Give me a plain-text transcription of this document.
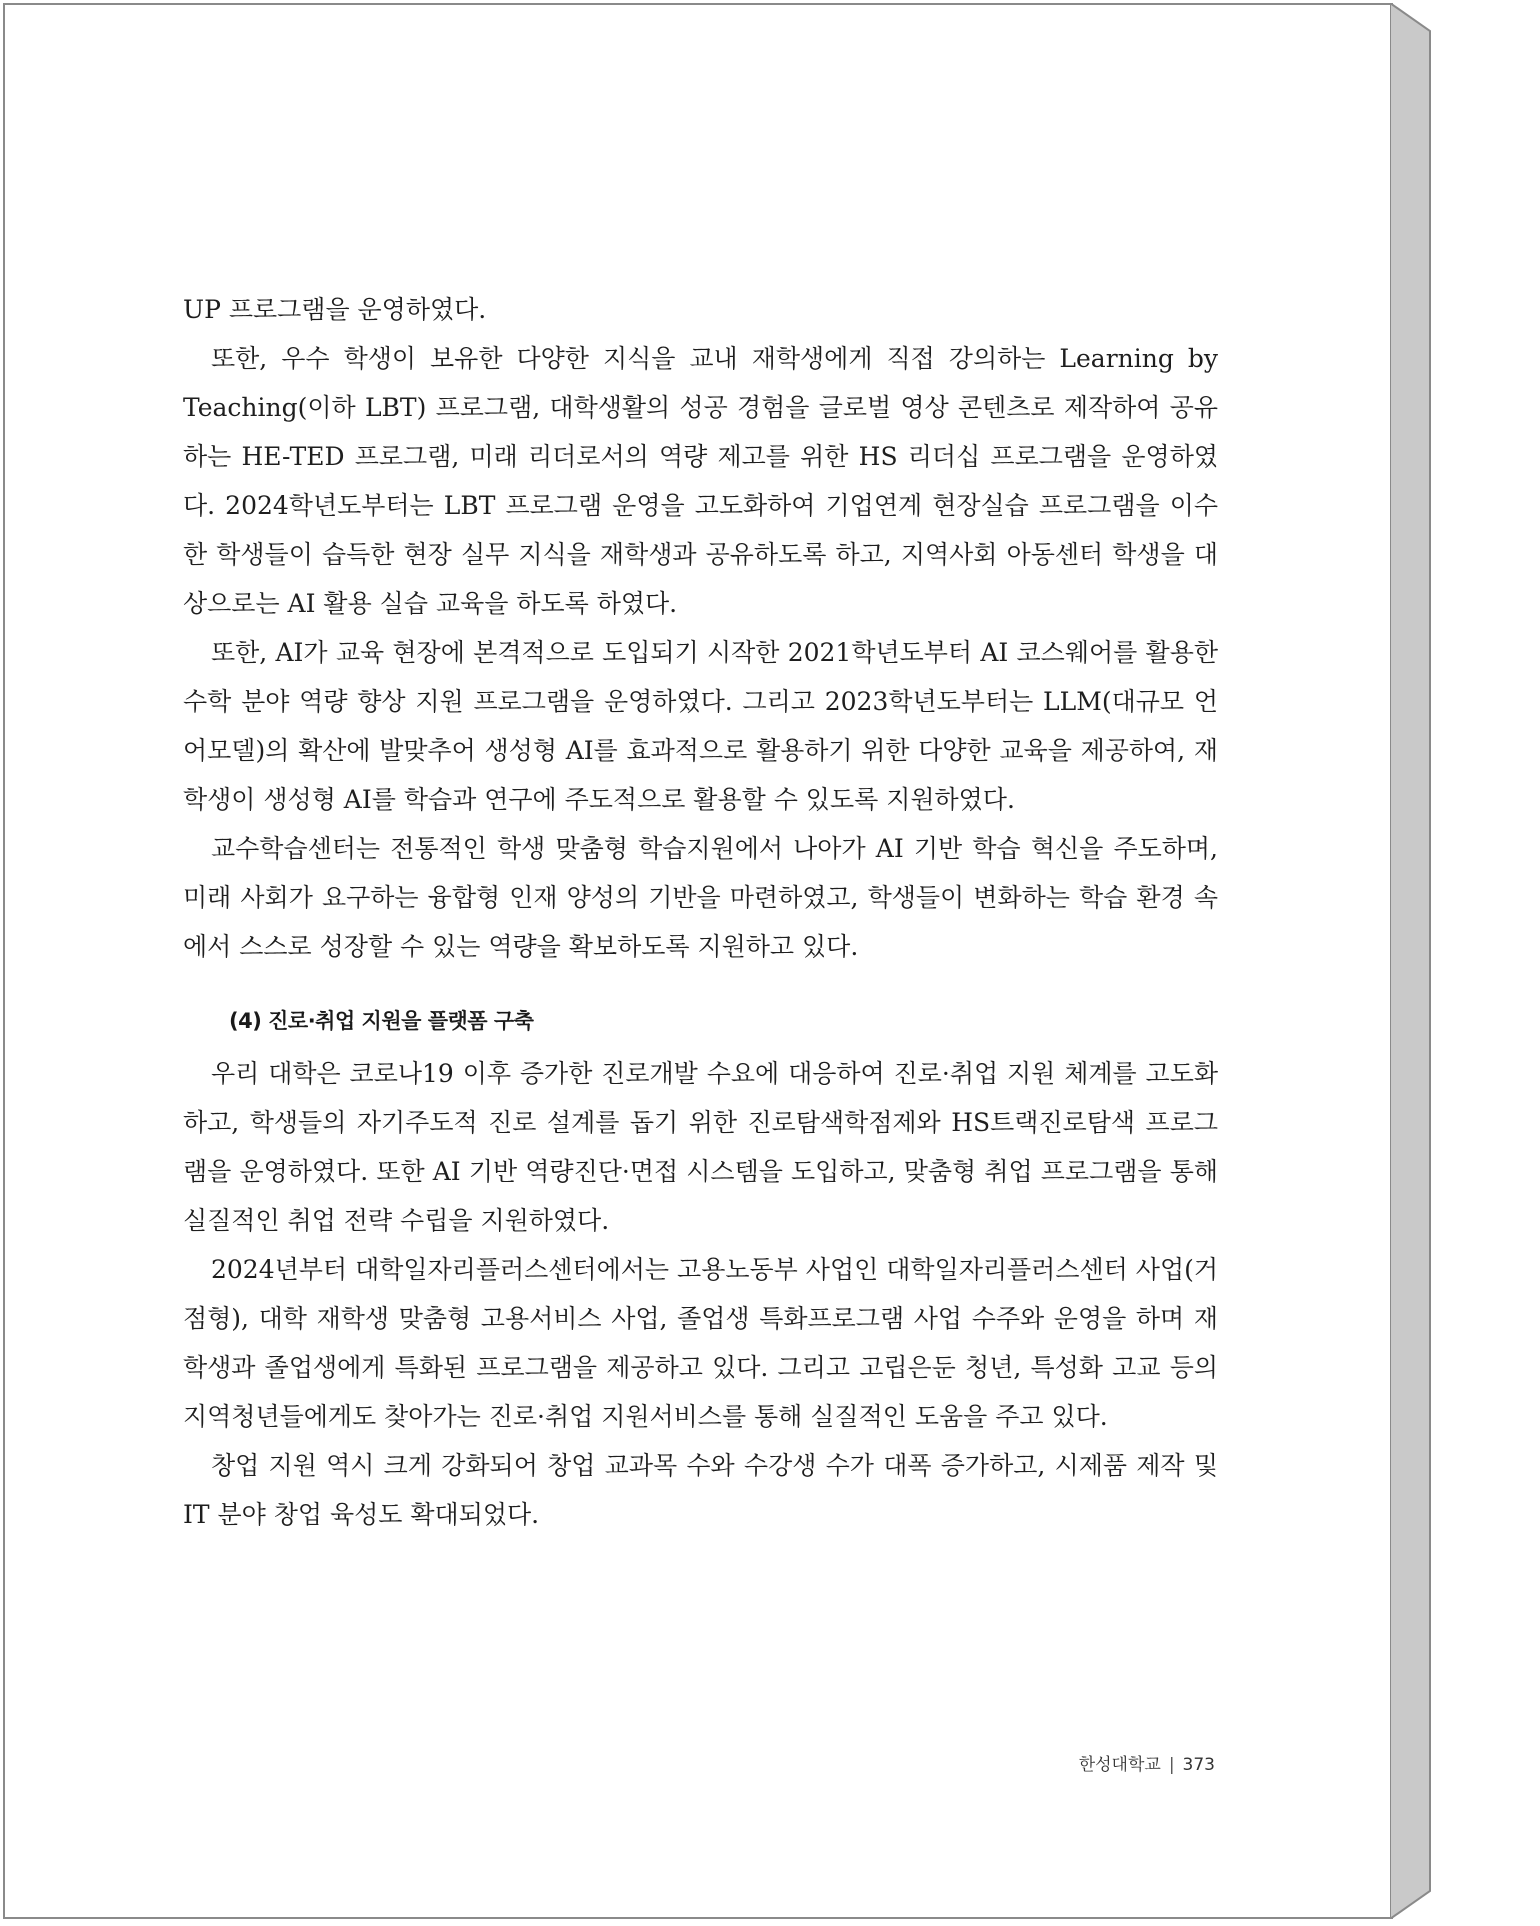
UP 프로그램을 운영하였다.

또한, 우수 학생이 보유한 다양한 지식을 교내 재학생에게 직접 강의하는 Learning by Teaching(이하 LBT) 프로그램, 대학생활의 성공 경험을 글로벌 영상 콘텐츠로 제작하여 공유하는 HE-TED 프로그램, 미래 리더로서의 역량 제고를 위한 HS 리더십 프로그램을 운영하였다. 2024학년도부터는 LBT 프로그램 운영을 고도화하여 기업연계 현장실습 프로그램을 이수한 학생들이 습득한 현장 실무 지식을 재학생과 공유하도록 하고, 지역사회 아동센터 학생을 대상으로는 AI 활용 실습 교육을 하도록 하였다.

또한, AI가 교육 현장에 본격적으로 도입되기 시작한 2021학년도부터 AI 코스웨어를 활용한 수학 분야 역량 향상 지원 프로그램을 운영하였다. 그리고 2023학년도부터는 LLM(대규모 언어모델)의 확산에 발맞추어 생성형 AI를 효과적으로 활용하기 위한 다양한 교육을 제공하여, 재학생이 생성형 AI를 학습과 연구에 주도적으로 활용할 수 있도록 지원하였다.

교수학습센터는 전통적인 학생 맞춤형 학습지원에서 나아가 AI 기반 학습 혁신을 주도하며, 미래 사회가 요구하는 융합형 인재 양성의 기반을 마련하였고, 학생들이 변화하는 학습 환경 속에서 스스로 성장할 수 있는 역량을 확보하도록 지원하고 있다.

(4) 진로·취업 지원을 플랫폼 구축

우리 대학은 코로나19 이후 증가한 진로개발 수요에 대응하여 진로·취업 지원 체계를 고도화하고, 학생들의 자기주도적 진로 설계를 돕기 위한 진로탐색학점제와 HS트랙진로탐색 프로그램을 운영하였다. 또한 AI 기반 역량진단·면접 시스템을 도입하고, 맞춤형 취업 프로그램을 통해 실질적인 취업 전략 수립을 지원하였다.

2024년부터 대학일자리플러스센터에서는 고용노동부 사업인 대학일자리플러스센터 사업(거점형), 대학 재학생 맞춤형 고용서비스 사업, 졸업생 특화프로그램 사업 수주와 운영을 하며 재학생과 졸업생에게 특화된 프로그램을 제공하고 있다. 그리고 고립은둔 청년, 특성화 고교 등의 지역청년들에게도 찾아가는 진로·취업 지원서비스를 통해 실질적인 도움을 주고 있다.

창업 지원 역시 크게 강화되어 창업 교과목 수와 수강생 수가 대폭 증가하고, 시제품 제작 및 IT 분야 창업 육성도 확대되었다.

한성대학교 | 373
